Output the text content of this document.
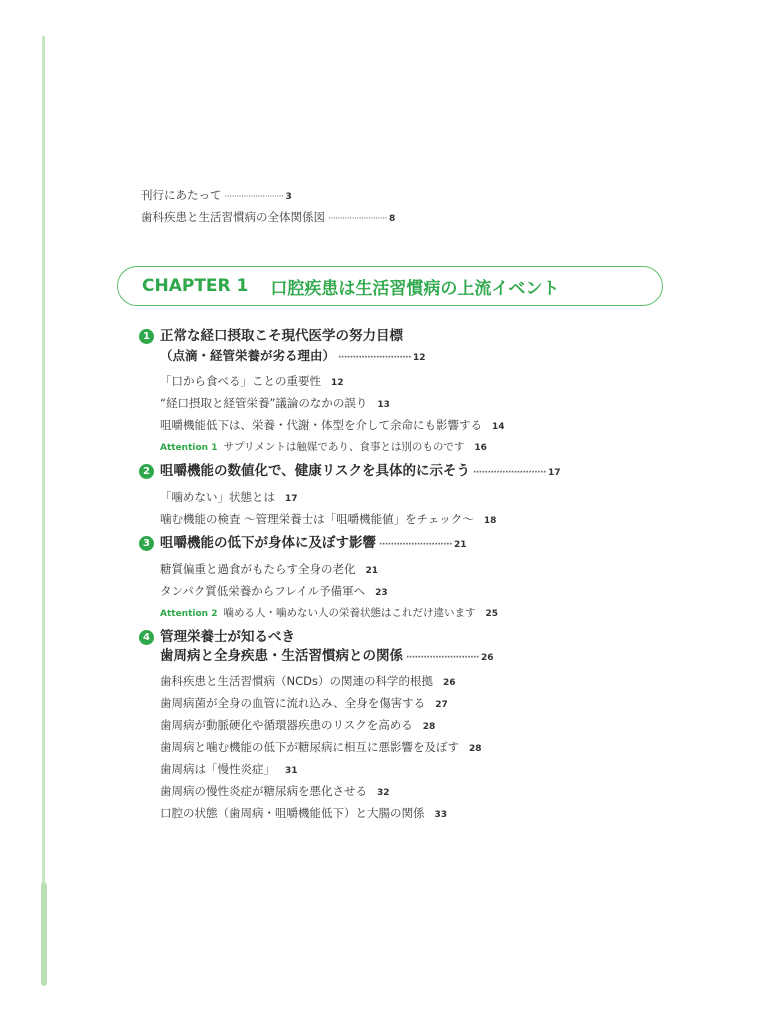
刊行にあたって ························· 3
歯科疾患と生活習慣病の全体関係図 ························· 8
CHAPTER 1 口腔疾患は生活習慣病の上流イベント
1 正常な経口摂取こそ現代医学の努力目標
（点滴・経管栄養が劣る理由） ························· 12
「口から食べる」ことの重要性 12
“経口摂取と経管栄養”議論のなかの誤り 13
咀嚼機能低下は、栄養・代謝・体型を介して余命にも影響する 14
Attention 1 サプリメントは触媒であり、食事とは別のものです 16
2 咀嚼機能の数値化で、健康リスクを具体的に示そう ························· 17
「噛めない」状態とは 17
噛む機能の検査 ～管理栄養士は「咀嚼機能値」をチェック～ 18
3 咀嚼機能の低下が身体に及ぼす影響 ························· 21
糖質偏重と過食がもたらす全身の老化 21
タンパク質低栄養からフレイル予備軍へ 23
Attention 2 噛める人・噛めない人の栄養状態はこれだけ違います 25
4 管理栄養士が知るべき
歯周病と全身疾患・生活習慣病との関係 ························· 26
歯科疾患と生活習慣病（NCDs）の関連の科学的根拠 26
歯周病菌が全身の血管に流れ込み、全身を傷害する 27
歯周病が動脈硬化や循環器疾患のリスクを高める 28
歯周病と噛む機能の低下が糖尿病に相互に悪影響を及ぼす 28
歯周病は「慢性炎症」 31
歯周病の慢性炎症が糖尿病を悪化させる 32
口腔の状態（歯周病・咀嚼機能低下）と大腸の関係 33
